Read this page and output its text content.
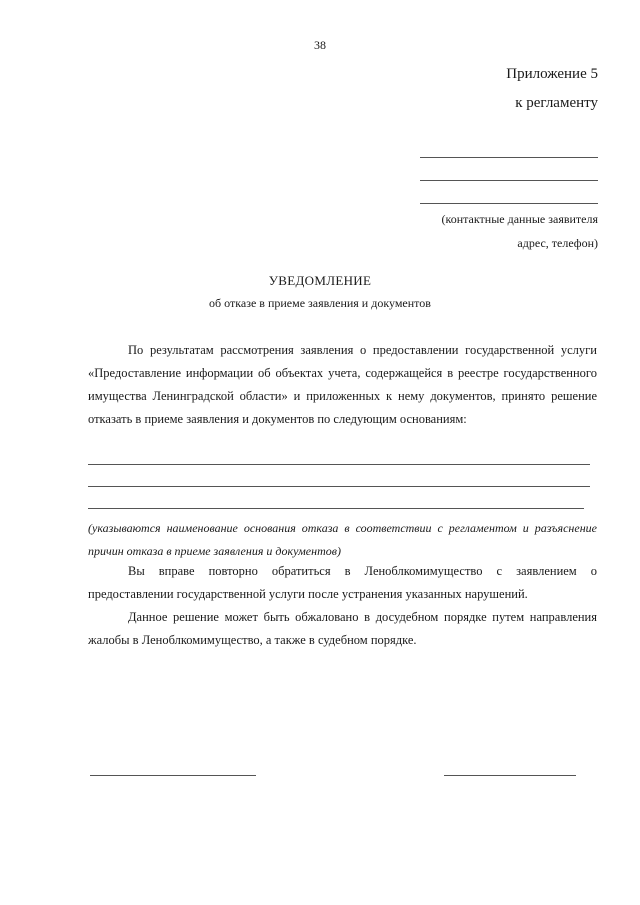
38
Приложение 5
к регламенту
(контактные данные заявителя
адрес, телефон)
УВЕДОМЛЕНИЕ
об отказе в приеме заявления и документов
По результатам рассмотрения заявления о предоставлении государственной услуги «Предоставление информации об объектах учета, содержащейся в реестре государственного имущества Ленинградской области» и приложенных к нему документов, принято решение отказать в приеме заявления и документов по следующим основаниям:
(указываются наименование основания отказа в соответствии с регламентом и разъяснение причин отказа в приеме заявления и документов)
Вы вправе повторно обратиться в Леноблкомимущество с заявлением о предоставлении государственной услуги после устранения указанных нарушений.
Данное решение может быть обжаловано в досудебном порядке путем направления жалобы в Леноблкомимущество, а также в судебном порядке.
